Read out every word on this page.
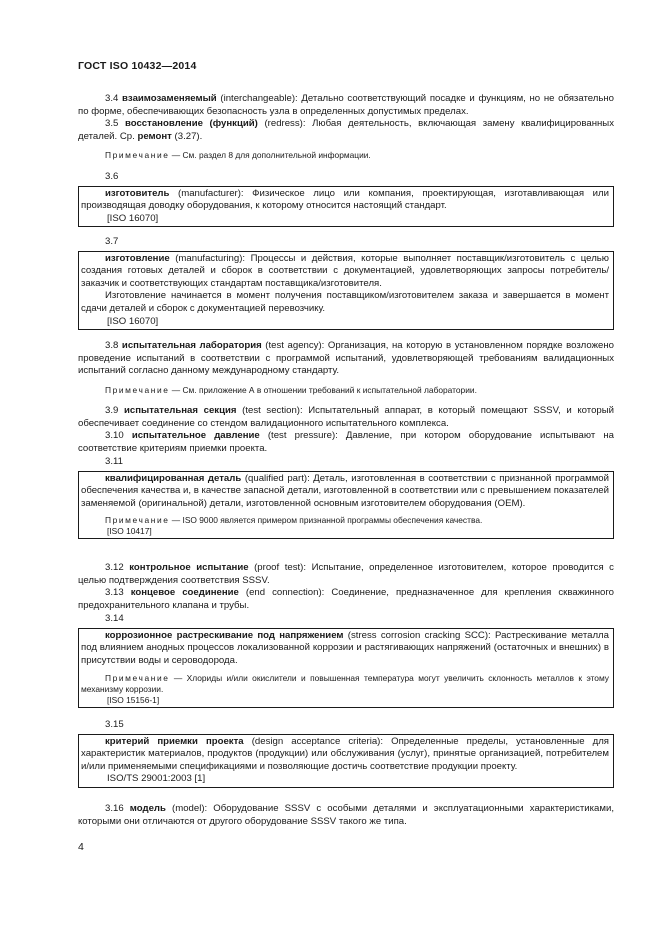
ГОСТ ISO 10432—2014

3.4 взаимозаменяемый (interchangeable): Детально соответствующий посадке и функциям, но не обязательно по форме, обеспечивающих безопасность узла в определенных допустимых пределах.

3.5 восстановление (функций) (redress): Любая деятельность, включающая замену квалифицированных деталей. Ср. ремонт (3.27).

Примечание — См. раздел 8 для дополнительной информации.

3.6

изготовитель (manufacturer): Физическое лицо или компания, проектирующая, изготавливающая или производящая доводку оборудования, к которому относится настоящий стандарт.

[ISO 16070]
3.7

изготовление (manufacturing): Процессы и действия, которые выполняет поставщик/изготовитель с целью создания готовых деталей и сборок в соответствии с документацией, удовлетворяющих запросы потребитель/заказчик и соответствующих стандартам поставщика/изготовителя.

Изготовление начинается в момент получения поставщиком/изготовителем заказа и завершается в момент сдачи деталей и сборок с документацией перевозчику.

[ISO 16070]

3.8 испытательная лаборатория (test agency): Организация, на которую в установленном порядке возложено проведение испытаний в соответствии с программой испытаний, удовлетворяющей требованиям валидационных испытаний согласно данному международному стандарту.

Примечание — См. приложение А в отношении требований к испытательной лаборатории.

3.9 испытательная секция (test section): Испытательный аппарат, в который помещают SSSV, и который обеспечивает соединение со стендом валидационного испытательного комплекса.

3.10 испытательное давление (test pressure): Давление, при котором оборудование испытывают на соответствие критериям приемки проекта.

3.11

квалифицированная деталь (qualified part): Деталь, изготовленная в соответствии с признанной программой обеспечения качества и, в качестве запасной детали, изготовленной в соответствии или с превышением показателей заменяемой (оригинальной) детали, изготовленной основным изготовителем оборудования (OEM).

Примечание — ISO 9000 является примером признанной программы обеспечения качества.

[ISO 10417]

3.12 контрольное испытание (proof test): Испытание, определенное изготовителем, которое проводится с целью подтверждения соответствия SSSV.

3.13 концевое соединение (end connection): Соединение, предназначенное для крепления скважинного предохранительного клапана и трубы.

3.14

коррозионное растрескивание под напряжением (stress corrosion cracking SCC): Растрескивание металла под влиянием анодных процессов локализованной коррозии и растягивающих напряжений (остаточных и внешних) в присутствии воды и сероводорода.

Примечание — Хлориды и/или окислители и повышенная температура могут увеличить склонность металлов к этому механизму коррозии.

[ISO 15156-1]
3.15

критерий приемки проекта (design acceptance criteria): Определенные пределы, установленные для характеристик материалов, продуктов (продукции) или обслуживания (услуг), принятые организацией, потребителем и/или применяемыми спецификациями и позволяющие достичь соответствие продукции проекту.

ISO/TS 29001:2003 [1]

3.16 модель (model): Оборудование SSSV с особыми деталями и эксплуатационными характеристиками, которыми они отличаются от другого оборудование SSSV такого же типа.

4
